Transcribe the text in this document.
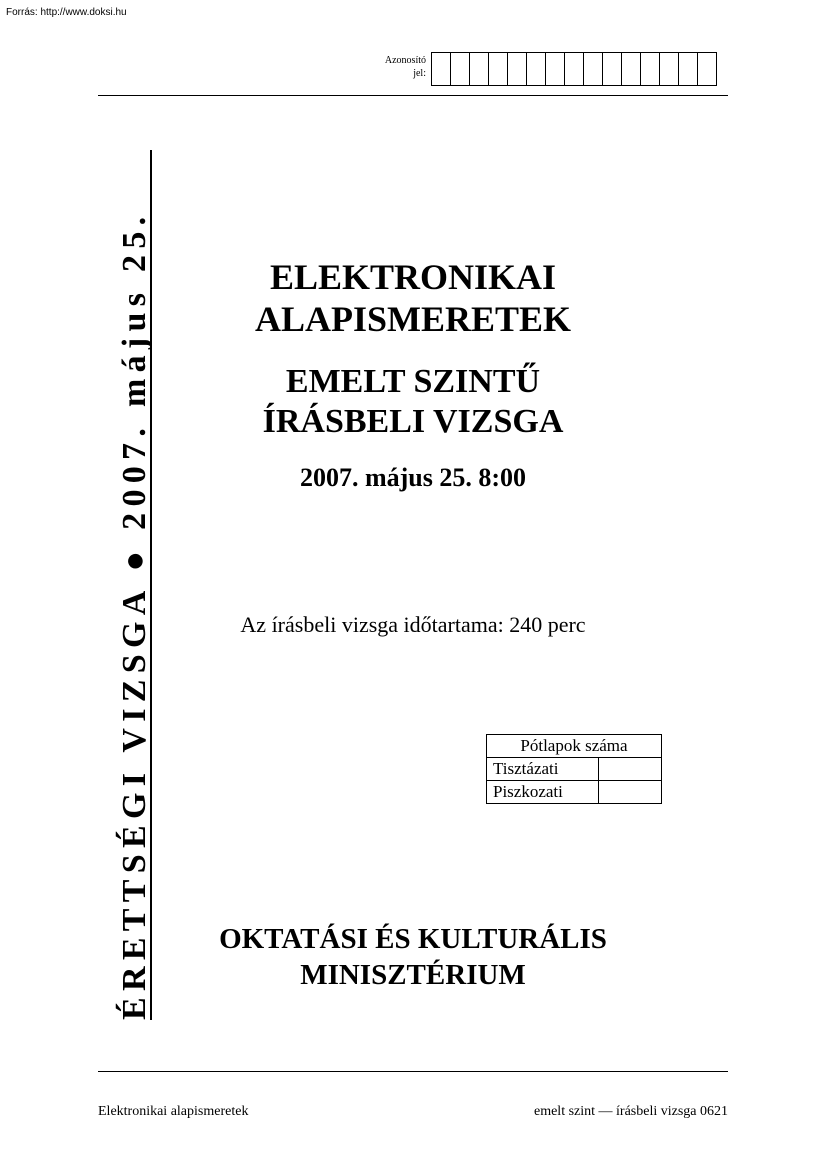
Forrás: http://www.doksi.hu
Azonosító
jel:
ÉRETTSÉGI VIZSGA ● 2007. május 25.	ELEKTRONIKAI
ALAPISMERETEK
EMELT SZINTŰ
ÍRÁSBELI VIZSGA
2007. május 25. 8:00
Az írásbeli vizsga időtartama: 240 perc
Pótlapok száma	
Tisztázati	
Piszkozati	
OKTATÁSI ÉS KULTURÁLIS
MINISZTÉRIUM
Elektronikai alapismeretek	emelt szint — írásbeli vizsga 0621
